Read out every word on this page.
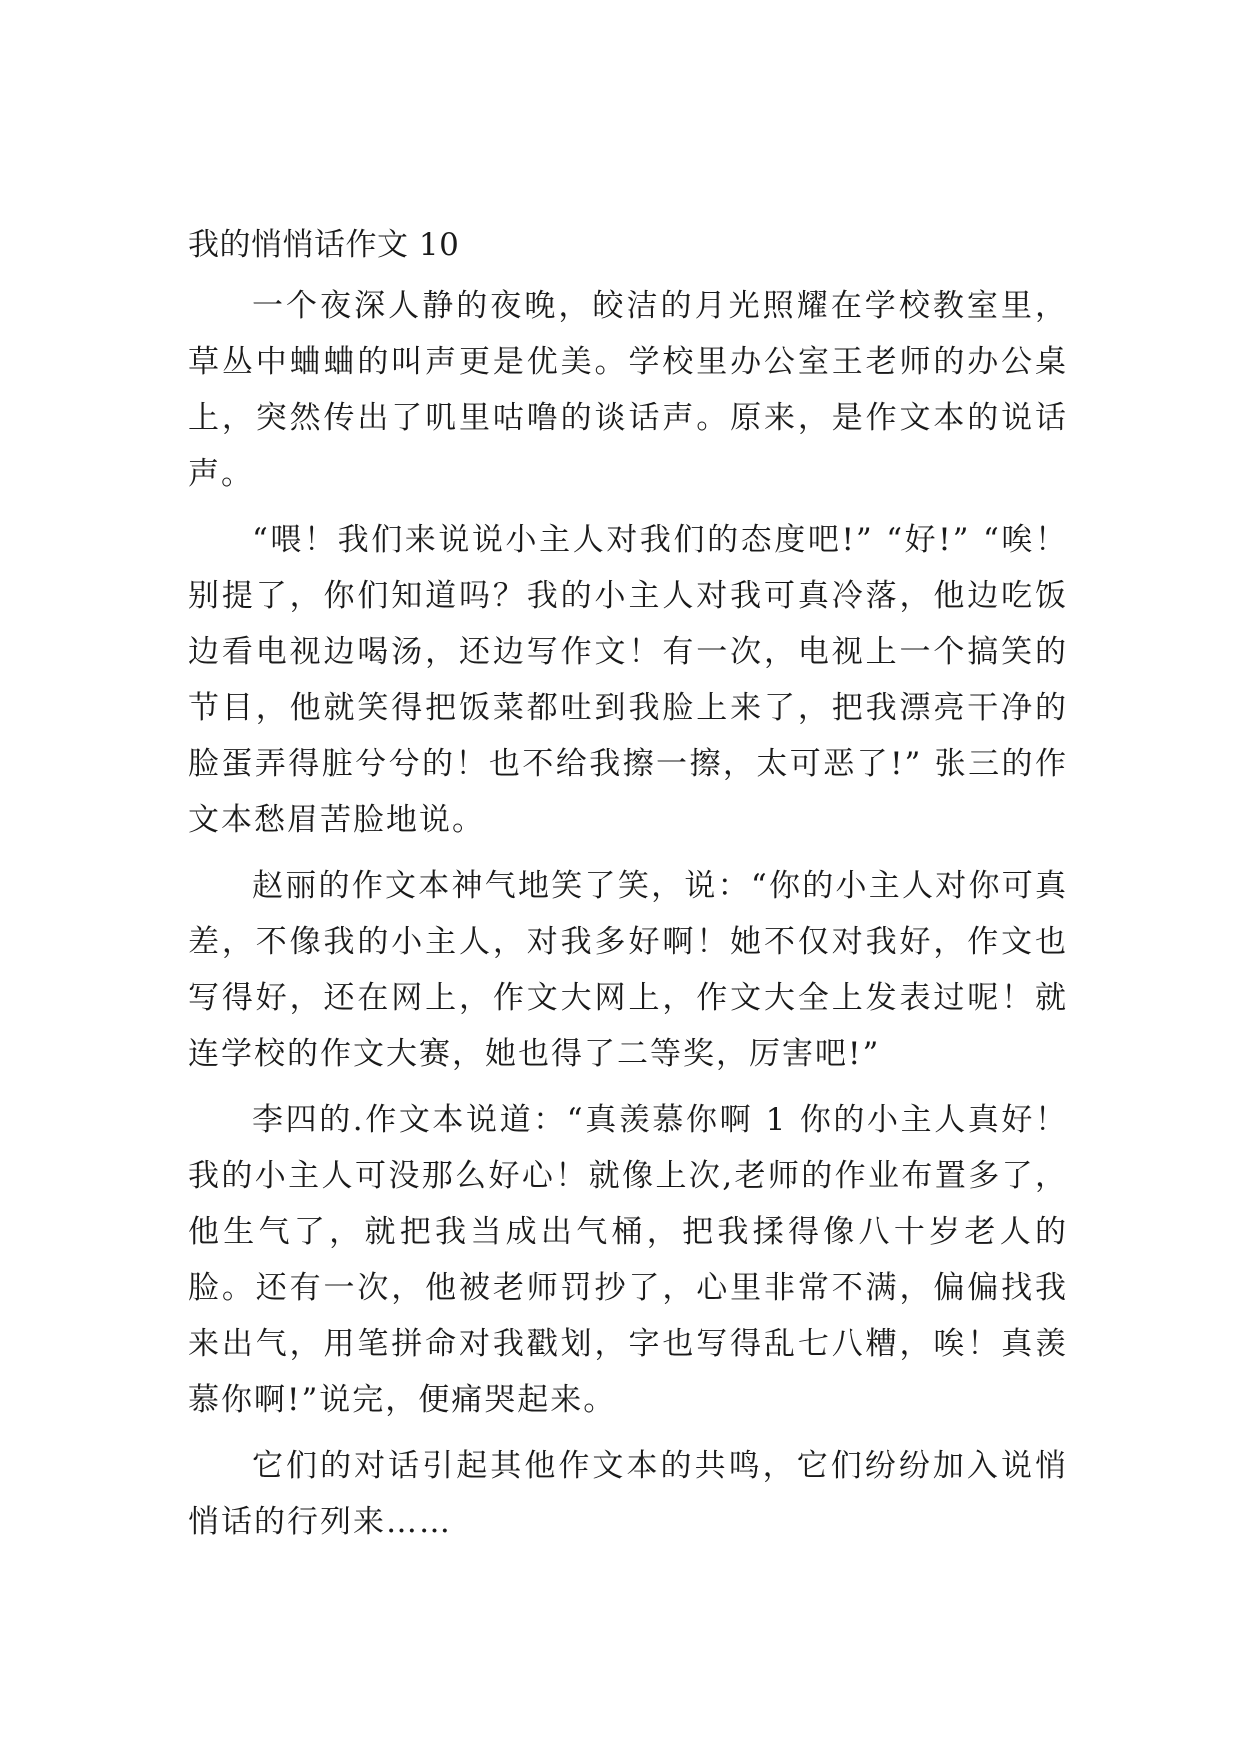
我的悄悄话作文 10

一个夜深人静的夜晚，皎洁的月光照耀在学校教室里，草丛中蛐蛐的叫声更是优美。学校里办公室王老师的办公桌上，突然传出了叽里咕噜的谈话声。原来，是作文本的说话声。

“喂！我们来说说小主人对我们的态度吧!” “好!” “唉！别提了，你们知道吗？我的小主人对我可真冷落，他边吃饭边看电视边喝汤，还边写作文！有一次，电视上一个搞笑的节目，他就笑得把饭菜都吐到我脸上来了，把我漂亮干净的脸蛋弄得脏兮兮的！也不给我擦一擦，太可恶了!” 张三的作文本愁眉苦脸地说。

赵丽的作文本神气地笑了笑，说：“你的小主人对你可真差，不像我的小主人，对我多好啊！她不仅对我好，作文也写得好，还在网上，作文大网上，作文大全上发表过呢！就连学校的作文大赛，她也得了二等奖，厉害吧!”

李四的.作文本说道：“真羡慕你啊 1 你的小主人真好！我的小主人可没那么好心！就像上次,老师的作业布置多了，他生气了，就把我当成出气桶，把我揉得像八十岁老人的脸。还有一次，他被老师罚抄了，心里非常不满，偏偏找我来出气，用笔拼命对我戳划，字也写得乱七八糟，唉！真羡慕你啊!”说完，便痛哭起来。

它们的对话引起其他作文本的共鸣，它们纷纷加入说悄悄话的行列来……
